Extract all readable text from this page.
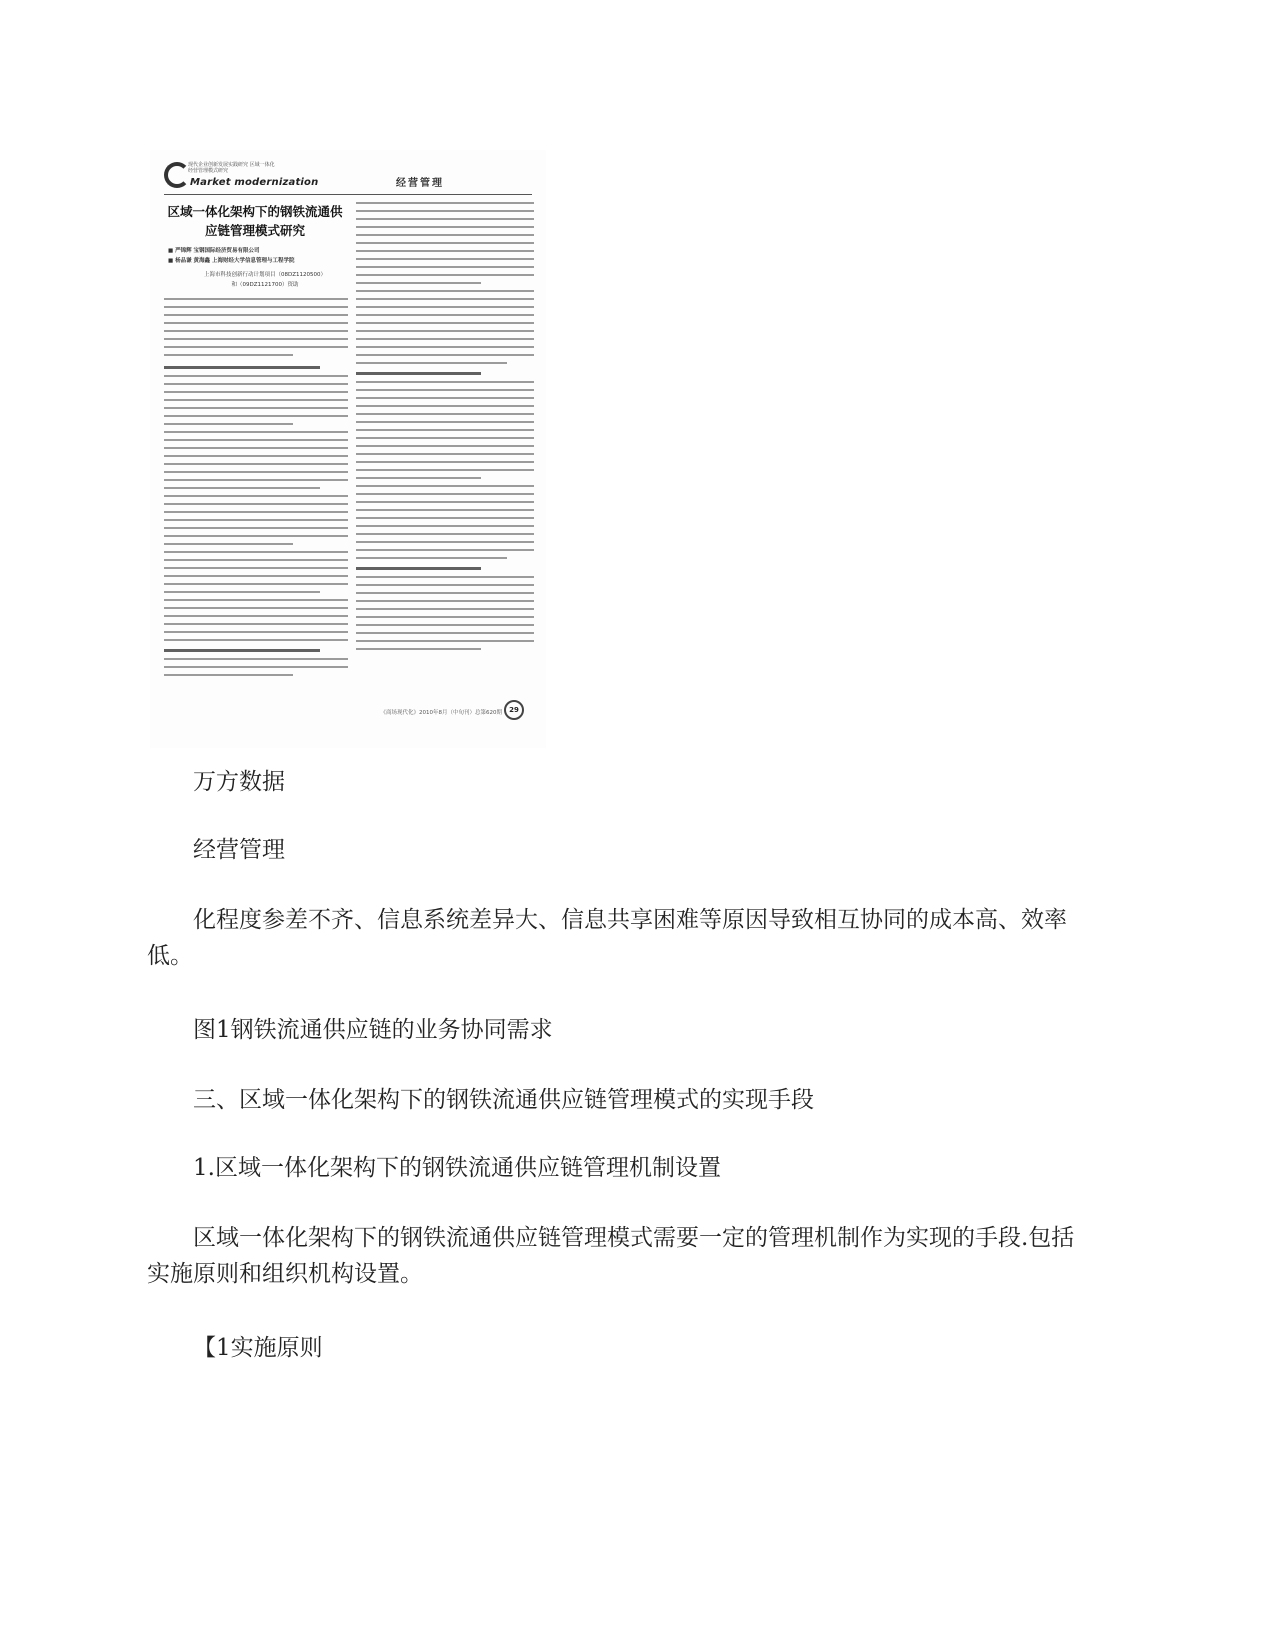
现代企业创新发展实践研究 区域一体化经营管理模式研究
Market modernization	经营管理
区域一体化架构下的钢铁流通供应链管理模式研究
■ 严锦辉 宝钢国际经济贸易有限公司
■ 杨品谦 黄海鑫 上海财经大学信息管理与工程学院
上海市科技创新行动计划项目（08DZ1120500）
和（09DZ1121700）资助
《商场现代化》2010年8月（中旬刊）总第620期	29

万方数据

经营管理

化程度参差不齐、信息系统差异大、信息共享困难等原因导致相互协同的成本高、效率低。

图1钢铁流通供应链的业务协同需求

三、区域一体化架构下的钢铁流通供应链管理模式的实现手段

1.区域一体化架构下的钢铁流通供应链管理机制设置

区域一体化架构下的钢铁流通供应链管理模式需要一定的管理机制作为实现的手段.包括实施原则和组织机构设置。

【1实施原则
